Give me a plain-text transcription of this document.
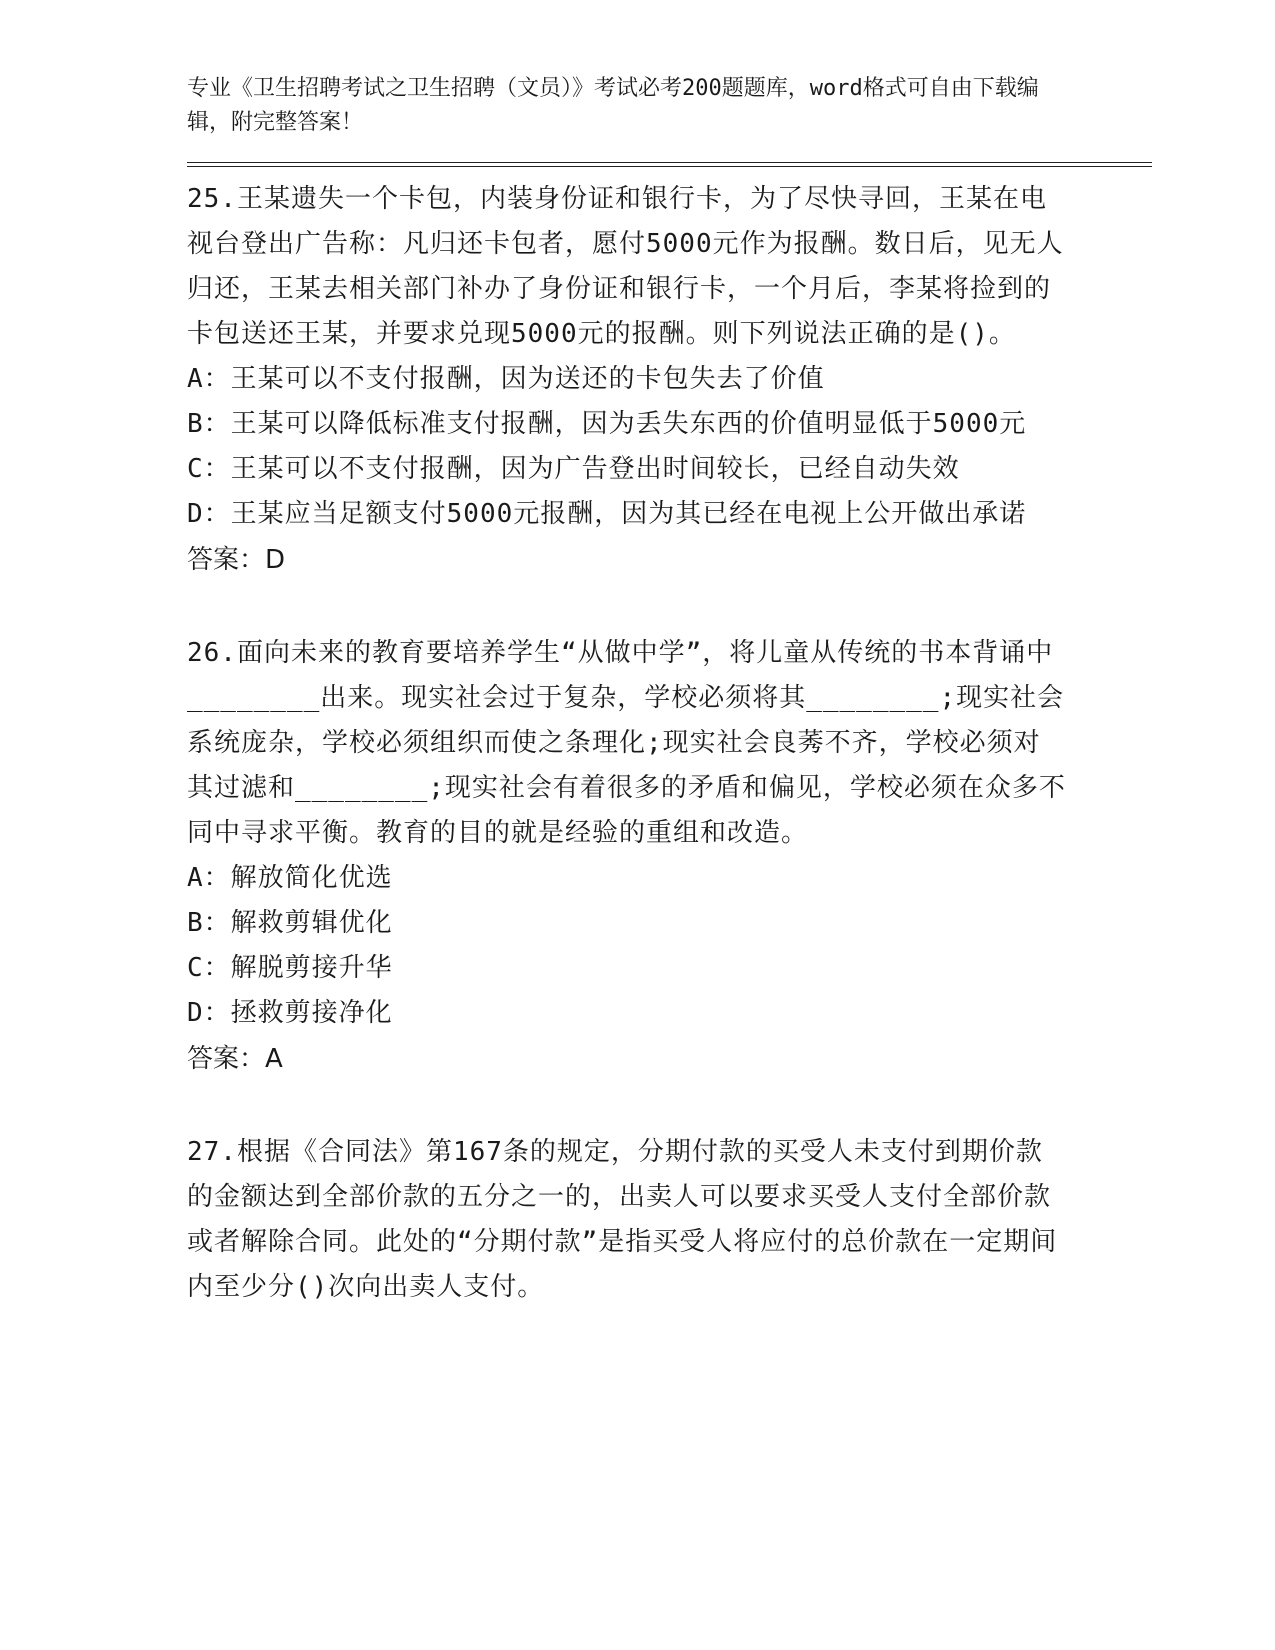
专业《卫生招聘考试之卫生招聘（文员）》考试必考200题题库，word格式可自由下载编辑，附完整答案！
25.王某遗失一个卡包，内装身份证和银行卡，为了尽快寻回，王某在电视台登出广告称：凡归还卡包者，愿付5000元作为报酬。数日后，见无人归还，王某去相关部门补办了身份证和银行卡，一个月后，李某将捡到的卡包送还王某，并要求兑现5000元的报酬。则下列说法正确的是()。
A：王某可以不支付报酬，因为送还的卡包失去了价值
B：王某可以降低标准支付报酬，因为丢失东西的价值明显低于5000元
C：王某可以不支付报酬，因为广告登出时间较长，已经自动失效
D：王某应当足额支付5000元报酬，因为其已经在电视上公开做出承诺
答案：D
26.面向未来的教育要培养学生“从做中学”，将儿童从传统的书本背诵中________出来。现实社会过于复杂，学校必须将其________;现实社会系统庞杂，学校必须组织而使之条理化;现实社会良莠不齐，学校必须对其过滤和________;现实社会有着很多的矛盾和偏见，学校必须在众多不同中寻求平衡。教育的目的就是经验的重组和改造。
A：解放简化优选
B：解救剪辑优化
C：解脱剪接升华
D：拯救剪接净化
答案：A
27.根据《合同法》第167条的规定，分期付款的买受人未支付到期价款的金额达到全部价款的五分之一的，出卖人可以要求买受人支付全部价款或者解除合同。此处的“分期付款”是指买受人将应付的总价款在一定期间内至少分()次向出卖人支付。
